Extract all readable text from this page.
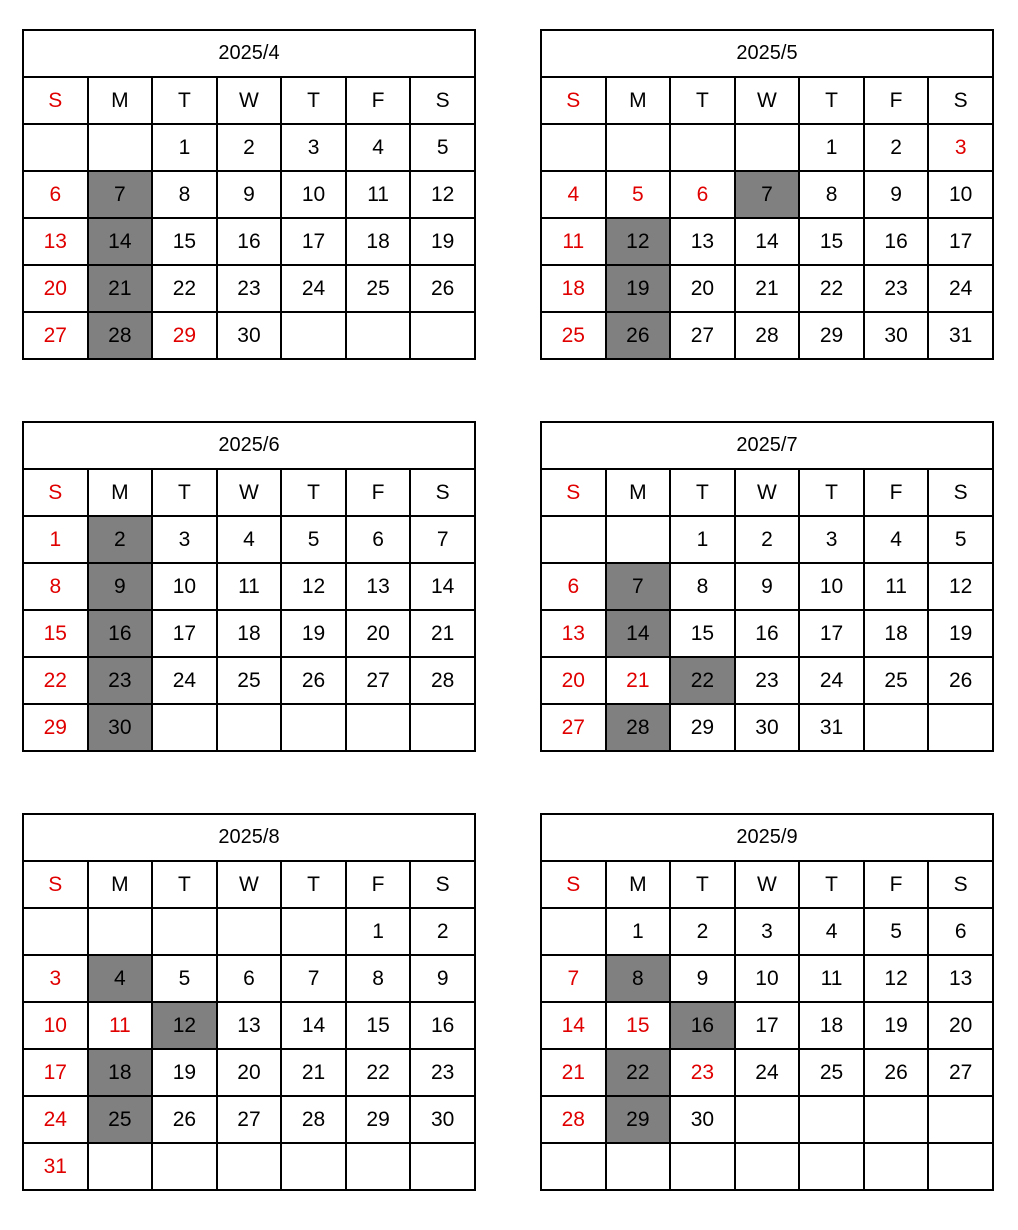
2025/4						
S	M	T	W	T	F	S
		1	2	3	4	5
6	7	8	9	10	11	12
13	14	15	16	17	18	19
20	21	22	23	24	25	26
27	28	29	30			
2025/5						
S	M	T	W	T	F	S
				1	2	3
4	5	6	7	8	9	10
11	12	13	14	15	16	17
18	19	20	21	22	23	24
25	26	27	28	29	30	31
2025/6						
S	M	T	W	T	F	S
1	2	3	4	5	6	7
8	9	10	11	12	13	14
15	16	17	18	19	20	21
22	23	24	25	26	27	28
29	30					
2025/7						
S	M	T	W	T	F	S
		1	2	3	4	5
6	7	8	9	10	11	12
13	14	15	16	17	18	19
20	21	22	23	24	25	26
27	28	29	30	31		
2025/8						
S	M	T	W	T	F	S
					1	2
3	4	5	6	7	8	9
10	11	12	13	14	15	16
17	18	19	20	21	22	23
24	25	26	27	28	29	30
31						
2025/9						
S	M	T	W	T	F	S
	1	2	3	4	5	6
7	8	9	10	11	12	13
14	15	16	17	18	19	20
21	22	23	24	25	26	27
28	29	30				
